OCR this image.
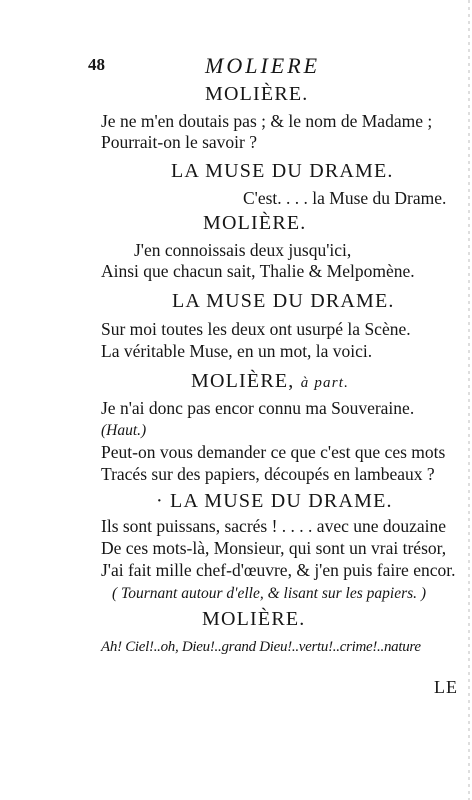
48	MOLIERE
MOLIÈRE.
Je ne m'en doutais pas ; & le nom de Madame ;
Pourrait-on le savoir ?
LA MUSE DU DRAME.
C'est. . . . la Muse du Drame.
MOLIÈRE.
J'en connoissais deux jusqu'ici,
Ainsi que chacun sait, Thalie & Melpomène.
LA MUSE DU DRAME.
Sur moi toutes les deux ont usurpé la Scène.
La véritable Muse, en un mot, la voici.
MOLIÈRE, à part.
Je n'ai donc pas encor connu ma Souveraine.
(Haut.)
Peut-on vous demander ce que c'est que ces mots
Tracés sur des papiers, découpés en lambeaux ?
· LA MUSE DU DRAME.
Ils sont puissans, sacrés ! . . . . avec une douzaine
De ces mots-là, Monsieur, qui sont un vrai trésor,
J'ai fait mille chef-d'œuvre, & j'en puis faire encor.
( Tournant autour d'elle, & lisant sur les papiers. )
MOLIÈRE.
Ah! Ciel!..oh, Dieu!..grand Dieu!..vertu!..crime!..nature
LE
